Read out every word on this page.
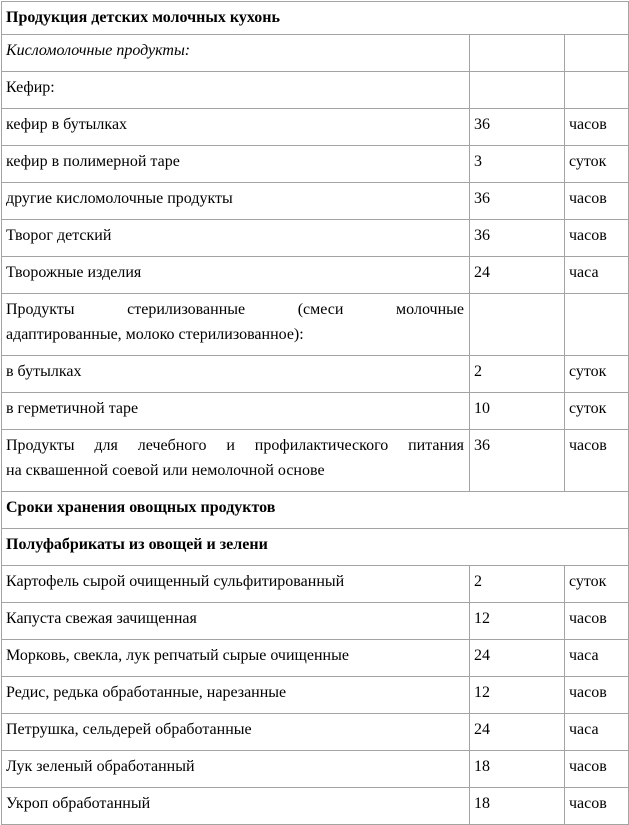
Продукция детских молочных кухонь		
Кисломолочные продукты:		
Кефир:		
кефир в бутылках	36	часов
кефир в полимерной таре	3	суток
другие кисломолочные продукты	36	часов
Творог детский	36	часов
Творожные изделия	24	часа
Продукты стерилизованные (смеси молочные адаптированные, молоко стерилизованное):		
в бутылках	2	суток
в герметичной таре	10	суток
Продукты для лечебного и профилактического питания на сквашенной соевой или немолочной основе	36	часов
Сроки хранения овощных продуктов		
Полуфабрикаты из овощей и зелени		
Картофель сырой очищенный сульфитированный	2	суток
Капуста свежая зачищенная	12	часов
Морковь, свекла, лук репчатый сырые очищенные	24	часа
Редис, редька обработанные, нарезанные	12	часов
Петрушка, сельдерей обработанные	24	часа
Лук зеленый обработанный	18	часов
Укроп обработанный	18	часов
